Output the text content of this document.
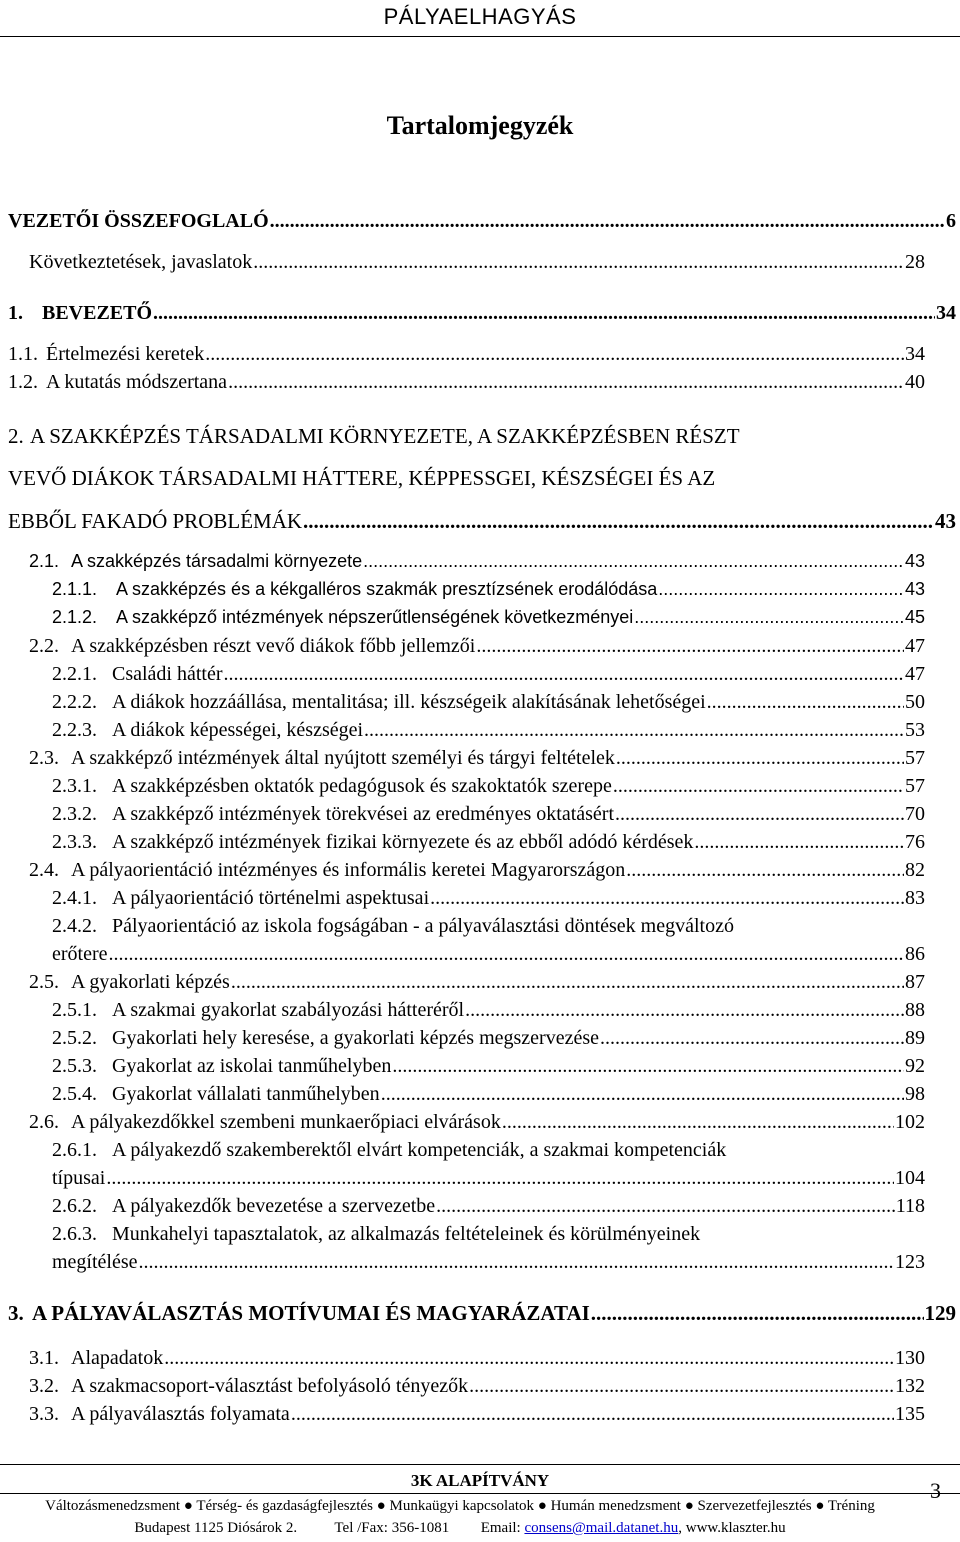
PÁLYAELHAGYÁS
Tartalomjegyzék
VEZETŐI ÖSSZEFOGLALÓ .....	6
Következtetések, javaslatok .....	28
1. BEVEZETŐ .....	34
1.1. Értelmezési keretek .....	34
1.2. A kutatás módszertana .....	40
2. A SZAKKÉPZÉS TÁRSADALMI KÖRNYEZETE, A SZAKKÉPZÉSBEN RÉSZT
VEVŐ DIÁKOK TÁRSADALMI HÁTTERE, KÉPPESSGEI, KÉSZSÉGEI ÉS AZ
EBBŐL FAKADÓ PROBLÉMÁK .....	43
2.1. A szakképzés társadalmi környezete .....	43
2.1.1.	A szakképzés és a kékgalléros szakmák presztízsének erodálódása .....	43
2.1.2.	A szakképző intézmények népszerűtlenségének következményei .....	45
2.2. A szakképzésben részt vevő diákok főbb jellemzői .....	47
2.2.1. Családi háttér .....	47
2.2.2. A diákok hozzáállása, mentalitása; ill. készségeik alakításának lehetőségei .....	50
2.2.3. A diákok képességei, készségei .....	53
2.3. A szakképző intézmények által nyújtott személyi és tárgyi feltételek .....	57
2.3.1. A szakképzésben oktatók pedagógusok és szakoktatók szerepe .....	57
2.3.2. A szakképző intézmények törekvései az eredményes oktatásért .....	70
2.3.3. A szakképző intézmények fizikai környezete és az ebből adódó kérdések .....	76
2.4. A pályaorientáció intézményes és informális keretei Magyarországon .....	82
2.4.1. A pályaorientáció történelmi aspektusai .....	83
2.4.2. Pályaorientáció az iskola fogságában - a pályaválasztási döntések megváltozó
erőtere .....	86
2.5. A gyakorlati képzés .....	87
2.5.1. A szakmai gyakorlat szabályozási hátteréről .....	88
2.5.2. Gyakorlati hely keresése, a gyakorlati képzés megszervezése .....	89
2.5.3. Gyakorlat az iskolai tanműhelyben .....	92
2.5.4. Gyakorlat vállalati tanműhelyben .....	98
2.6. A pályakezdőkkel szembeni munkaerőpiaci elvárások .....	102
2.6.1. A pályakezdő szakemberektől elvárt kompetenciák, a szakmai kompetenciák
típusai .....	104
2.6.2. A pályakezdők bevezetése a szervezetbe .....	118
2.6.3. Munkahelyi tapasztalatok, az alkalmazás feltételeinek és körülményeinek
megítélése .....	123
3. A PÁLYAVÁLASZTÁS MOTÍVUMAI ÉS MAGYARÁZATAI .....	129
3.1. Alapadatok .....	130
3.2. A szakmacsoport-választást befolyásoló tényezők .....	132
3.3. A pályaválasztás folyamata .....	135
3K ALAPÍTVÁNY
Változásmenedzsment ● Térség- és gazdaságfejlesztés ● Munkaügyi kapcsolatok ● Humán menedzsment ● Szervezetfejlesztés ● Tréning
Budapest 1125 Diósárok 2. Tel /Fax: 356-1081 Email: consens@mail.datanet.hu, www.klaszter.hu
3
